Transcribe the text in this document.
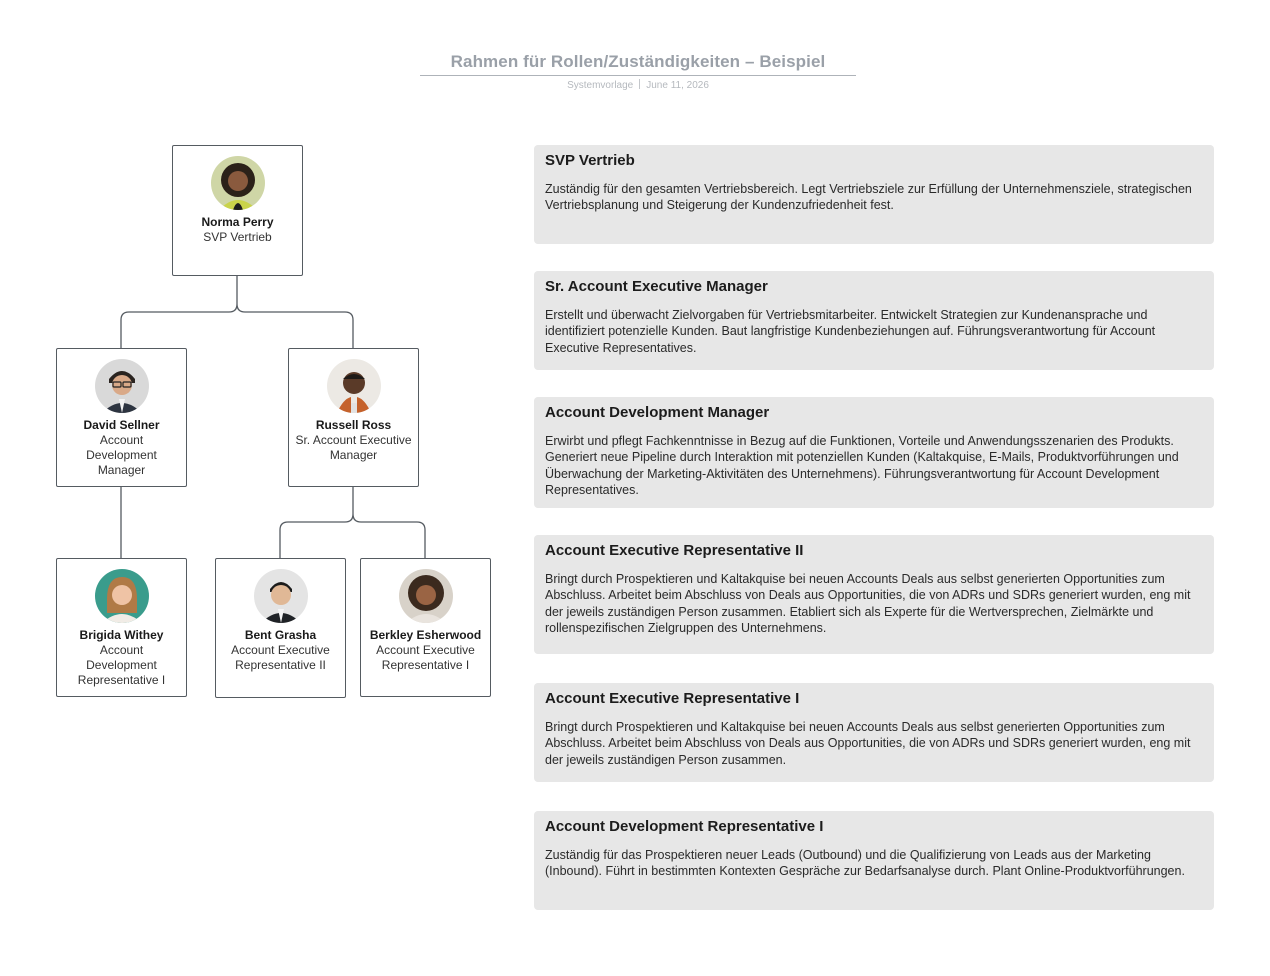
Rahmen für Rollen/Zuständigkeiten – Beispiel
Systemvorlage June 11, 2026
Norma Perry
SVP Vertrieb
David Sellner
Account Development Manager
Russell Ross
Sr. Account Executive Manager
Brigida Withey
Account Development Representative I
Bent Grasha
Account Executive Representative II
Berkley Esherwood
Account Executive Representative I
SVP Vertrieb
Zuständig für den gesamten Vertriebsbereich. Legt Vertriebsziele zur Erfüllung der Unternehmensziele, strategischen Vertriebsplanung und Steigerung der Kundenzufriedenheit fest.
Sr. Account Executive Manager
Erstellt und überwacht Zielvorgaben für Vertriebsmitarbeiter. Entwickelt Strategien zur Kundenansprache und identifiziert potenzielle Kunden. Baut langfristige Kundenbeziehungen auf. Führungsverantwortung für Account Executive Representatives.
Account Development Manager
Erwirbt und pflegt Fachkenntnisse in Bezug auf die Funktionen, Vorteile und Anwendungsszenarien des Produkts. Generiert neue Pipeline durch Interaktion mit potenziellen Kunden (Kaltakquise, E-Mails, Produktvorführungen und Überwachung der Marketing-Aktivitäten des Unternehmens). Führungsverantwortung für Account Development Representatives.
Account Executive Representative II
Bringt durch Prospektieren und Kaltakquise bei neuen Accounts Deals aus selbst generierten Opportunities zum Abschluss. Arbeitet beim Abschluss von Deals aus Opportunities, die von ADRs und SDRs generiert wurden, eng mit der jeweils zuständigen Person zusammen. Etabliert sich als Experte für die Wertversprechen, Zielmärkte und rollenspezifischen Zielgruppen des Unternehmens.
Account Executive Representative I
Bringt durch Prospektieren und Kaltakquise bei neuen Accounts Deals aus selbst generierten Opportunities zum Abschluss. Arbeitet beim Abschluss von Deals aus Opportunities, die von ADRs und SDRs generiert wurden, eng mit der jeweils zuständigen Person zusammen.
Account Development Representative I
Zuständig für das Prospektieren neuer Leads (Outbound) und die Qualifizierung von Leads aus der Marketing (Inbound). Führt in bestimmten Kontexten Gespräche zur Bedarfsanalyse durch. Plant Online-Produktvorführungen.
